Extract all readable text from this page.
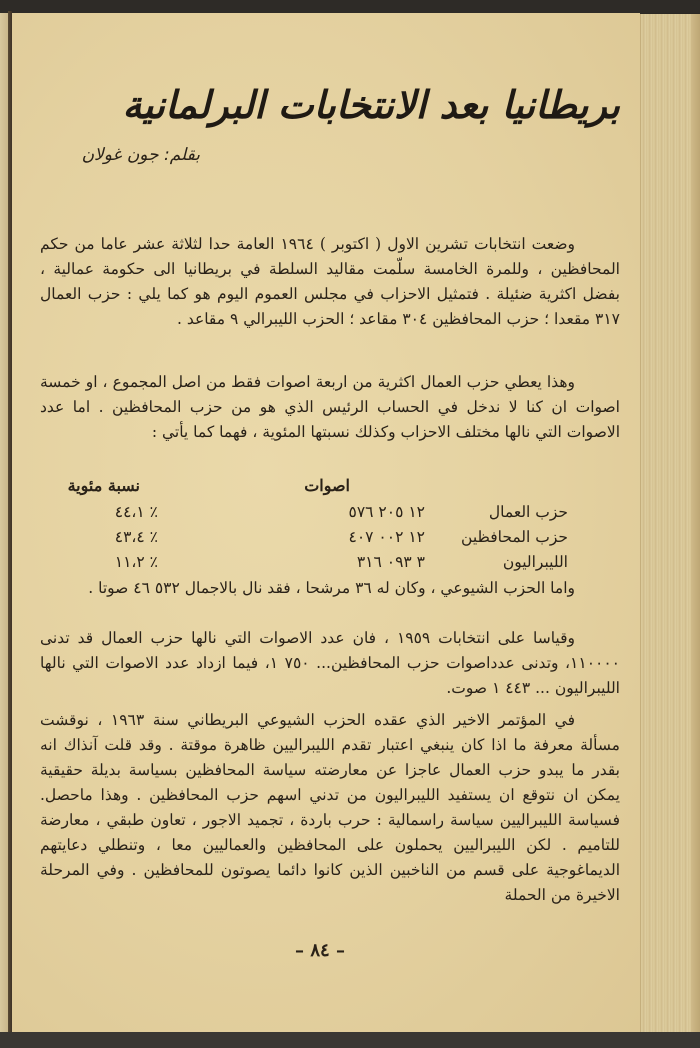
بريطانيا بعد الانتخابات البرلمانية
بقلم: جون غولان
وضعت انتخابات تشرين الاول ( اكتوبر ) ١٩٦٤ العامة حدا لثلاثة عشر عاما من حكم المحافظين ، وللمرة الخامسة سلّمت مقاليد السلطة في بريطانيا الى حكومة عمالية ، بفضل اكثرية ضئيلة . فتمثيل الاحزاب في مجلس العموم اليوم هو كما يلي : حزب العمال ٣١٧ مقعدا ؛ حزب المحافظين ٣٠٤ مقاعد ؛ الحزب الليبرالي ٩ مقاعد .
وهذا يعطي حزب العمال اكثرية من اربعة اصوات فقط من اصل المجموع ، او خمسة اصوات ان كنا لا ندخل في الحساب الرئيس الذي هو من حزب المحافظين . اما عدد الاصوات التي نالها مختلف الاحزاب وكذلك نسبتها المئوية ، فهما كما يأتي :
اصوات
نسبة مئوية
حزب العمال
١٢ ٢٠٥ ٥٧٦
٪ ٤٤،١
حزب المحافظين
١٢ ٠٠٢ ٤٠٧
٪ ٤٣،٤
الليبراليون
٣ ٠٩٣ ٣١٦
٪ ١١،٢
واما الحزب الشيوعي ، وكان له ٣٦ مرشحا ، فقد نال بالاجمال ٥٣٢ ٤٦ صوتا .
وقياسا على انتخابات ١٩٥٩ ، فان عدد الاصوات التي نالها حزب العمال قد تدنى ١١٠٠٠٠، وتدنى عدداصوات حزب المحافظين... ٧٥٠ ١، فيما ازداد عدد الاصوات التي نالها الليبراليون ... ٤٤٣ ١ صوت.
في المؤتمر الاخير الذي عقده الحزب الشيوعي البريطاني سنة ١٩٦٣ ، نوقشت مسألة معرفة ما اذا كان ينبغي اعتبار تقدم الليبراليين ظاهرة موقتة . وقد قلت آنذاك انه بقدر ما يبدو حزب العمال عاجزا عن معارضته سياسة المحافظين بسياسة بديلة حقيقية يمكن ان نتوقع ان يستفيد الليبراليون من تدني اسهم حزب المحافظين . وهذا ماحصل. فسياسة الليبراليين سياسة راسمالية : حرب باردة ، تجميد الاجور ، تعاون طبقي ، معارضة للتاميم . لكن الليبراليين يحملون على المحافظين والعماليين معا ، وتنطلي دعايتهم الديماغوجية على قسم من الناخبين الذين كانوا دائما يصوتون للمحافظين . وفي المرحلة الاخيرة من الحملة
– ٨٤ –
